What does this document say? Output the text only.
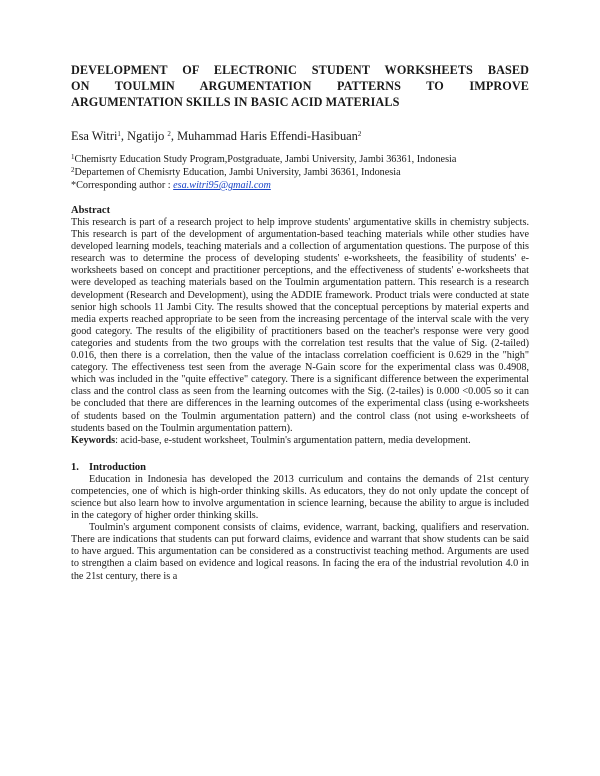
DEVELOPMENT OF ELECTRONIC STUDENT WORKSHEETS BASED
ON TOULMIN ARGUMENTATION PATTERNS TO IMPROVE
ARGUMENTATION SKILLS IN BASIC ACID MATERIALS
Esa Witri$^1$, Ngatijo $^2$, Muhammad Haris Effendi-Hasibuan$^2$
$^1$Chemisrty Education Study Program,Postgraduate, Jambi University, Jambi 36361, Indonesia
$^2$Departemen of Chemisrty Education, Jambi University, Jambi 36361, Indonesia
*Corresponding author : esa.witri95@gmail.com
Abstract

This research is part of a research project to help improve students' argumentative skills in chemistry subjects. This research is part of the development of argumentation-based teaching materials while other studies have developed learning models, teaching materials and a collection of argumentation questions. The purpose of this research was to determine the process of developing students' e-worksheets, the feasibility of students' e-worksheets based on concept and practitioner perceptions, and the effectiveness of students' e-worksheets that were developed as teaching materials based on the Toulmin argumentation pattern. This research is a research development (Research and Development), using the ADDIE framework. Product trials were conducted at state senior high schools 11 Jambi City. The results showed that the conceptual perceptions by material experts and media experts reached appropriate to be seen from the increasing percentage of the interval scale with the very good category. The results of the eligibility of practitioners based on the teacher's response were very good categories and students from the two groups with the correlation test results that the value of Sig. (2-tailed) 0.016, then there is a correlation, then the value of the intaclass correlation coefficient is 0.629 in the "high" category. The effectiveness test seen from the average N-Gain score for the experimental class was 0.4908, which was included in the "quite effective" category. There is a significant difference between the experimental class and the control class as seen from the learning outcomes with the Sig. (2-tailes) is 0.000 <0.005 so it can be concluded that there are differences in the learning outcomes of the experimental class (using e-worksheets of students based on the Toulmin argumentation pattern) and the control class (not using e-worksheets of students based on the Toulmin argumentation pattern).

Keywords: acid-base, e-student worksheet, Toulmin's argumentation pattern, media development.

1. Introduction

Education in Indonesia has developed the 2013 curriculum and contains the demands of 21st century competencies, one of which is high-order thinking skills. As educators, they do not only update the concept of science but also learn how to involve argumentation in science learning, because the ability to argue is included in the category of higher order thinking skills.

Toulmin's argument component consists of claims, evidence, warrant, backing, qualifiers and reservation. There are indications that students can put forward claims, evidence and warrant that show students can be said to have argued. This argumentation can be considered as a constructivist teaching method. Arguments are used to strengthen a claim based on evidence and logical reasons. In facing the era of the industrial revolution 4.0 in the 21st century, there is a
